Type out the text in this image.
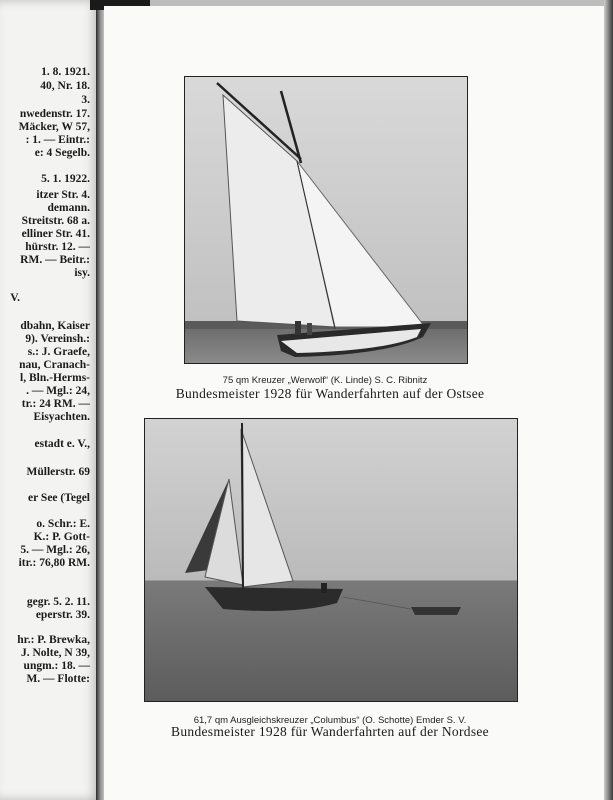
1. 8. 1921.
40, Nr. 18.
3.
nwedenstr. 17.
Mäcker, W 57,
: 1. — Eintr.:
e: 4 Segelb.
5. 1. 1922.
itzer Str. 4.
demann.
Streitstr. 68 a.
elliner Str. 41.
hürstr. 12. —
RM. — Beitr.:
isy.
V.
dbahn, Kaiser
9). Vereinsh.:
s.: J. Graefe,
nau, Cranach-
l, Bln.-Herms-
. — Mgl.: 24,
tr.: 24 RM. —
Eisyachten.
estadt e. V.,
Müllerstr. 69
er See (Tegel
o. Schr.: E.
K.: P. Gott-
5. — Mgl.: 26,
itr.: 76,80 RM.
gegr. 5. 2. 11.
eperstr. 39.
hr.: P. Brewka,
J. Nolte, N 39,
ungm.: 18. —
M. — Flotte:
75 qm Kreuzer „Werwolf“ (K. Linde) S. C. Ribnitz
Bundesmeister 1928 für Wanderfahrten auf der Ostsee
61,7 qm Ausgleichskreuzer „Columbus“ (O. Schotte) Emder S. V.
Bundesmeister 1928 für Wanderfahrten auf der Nordsee
